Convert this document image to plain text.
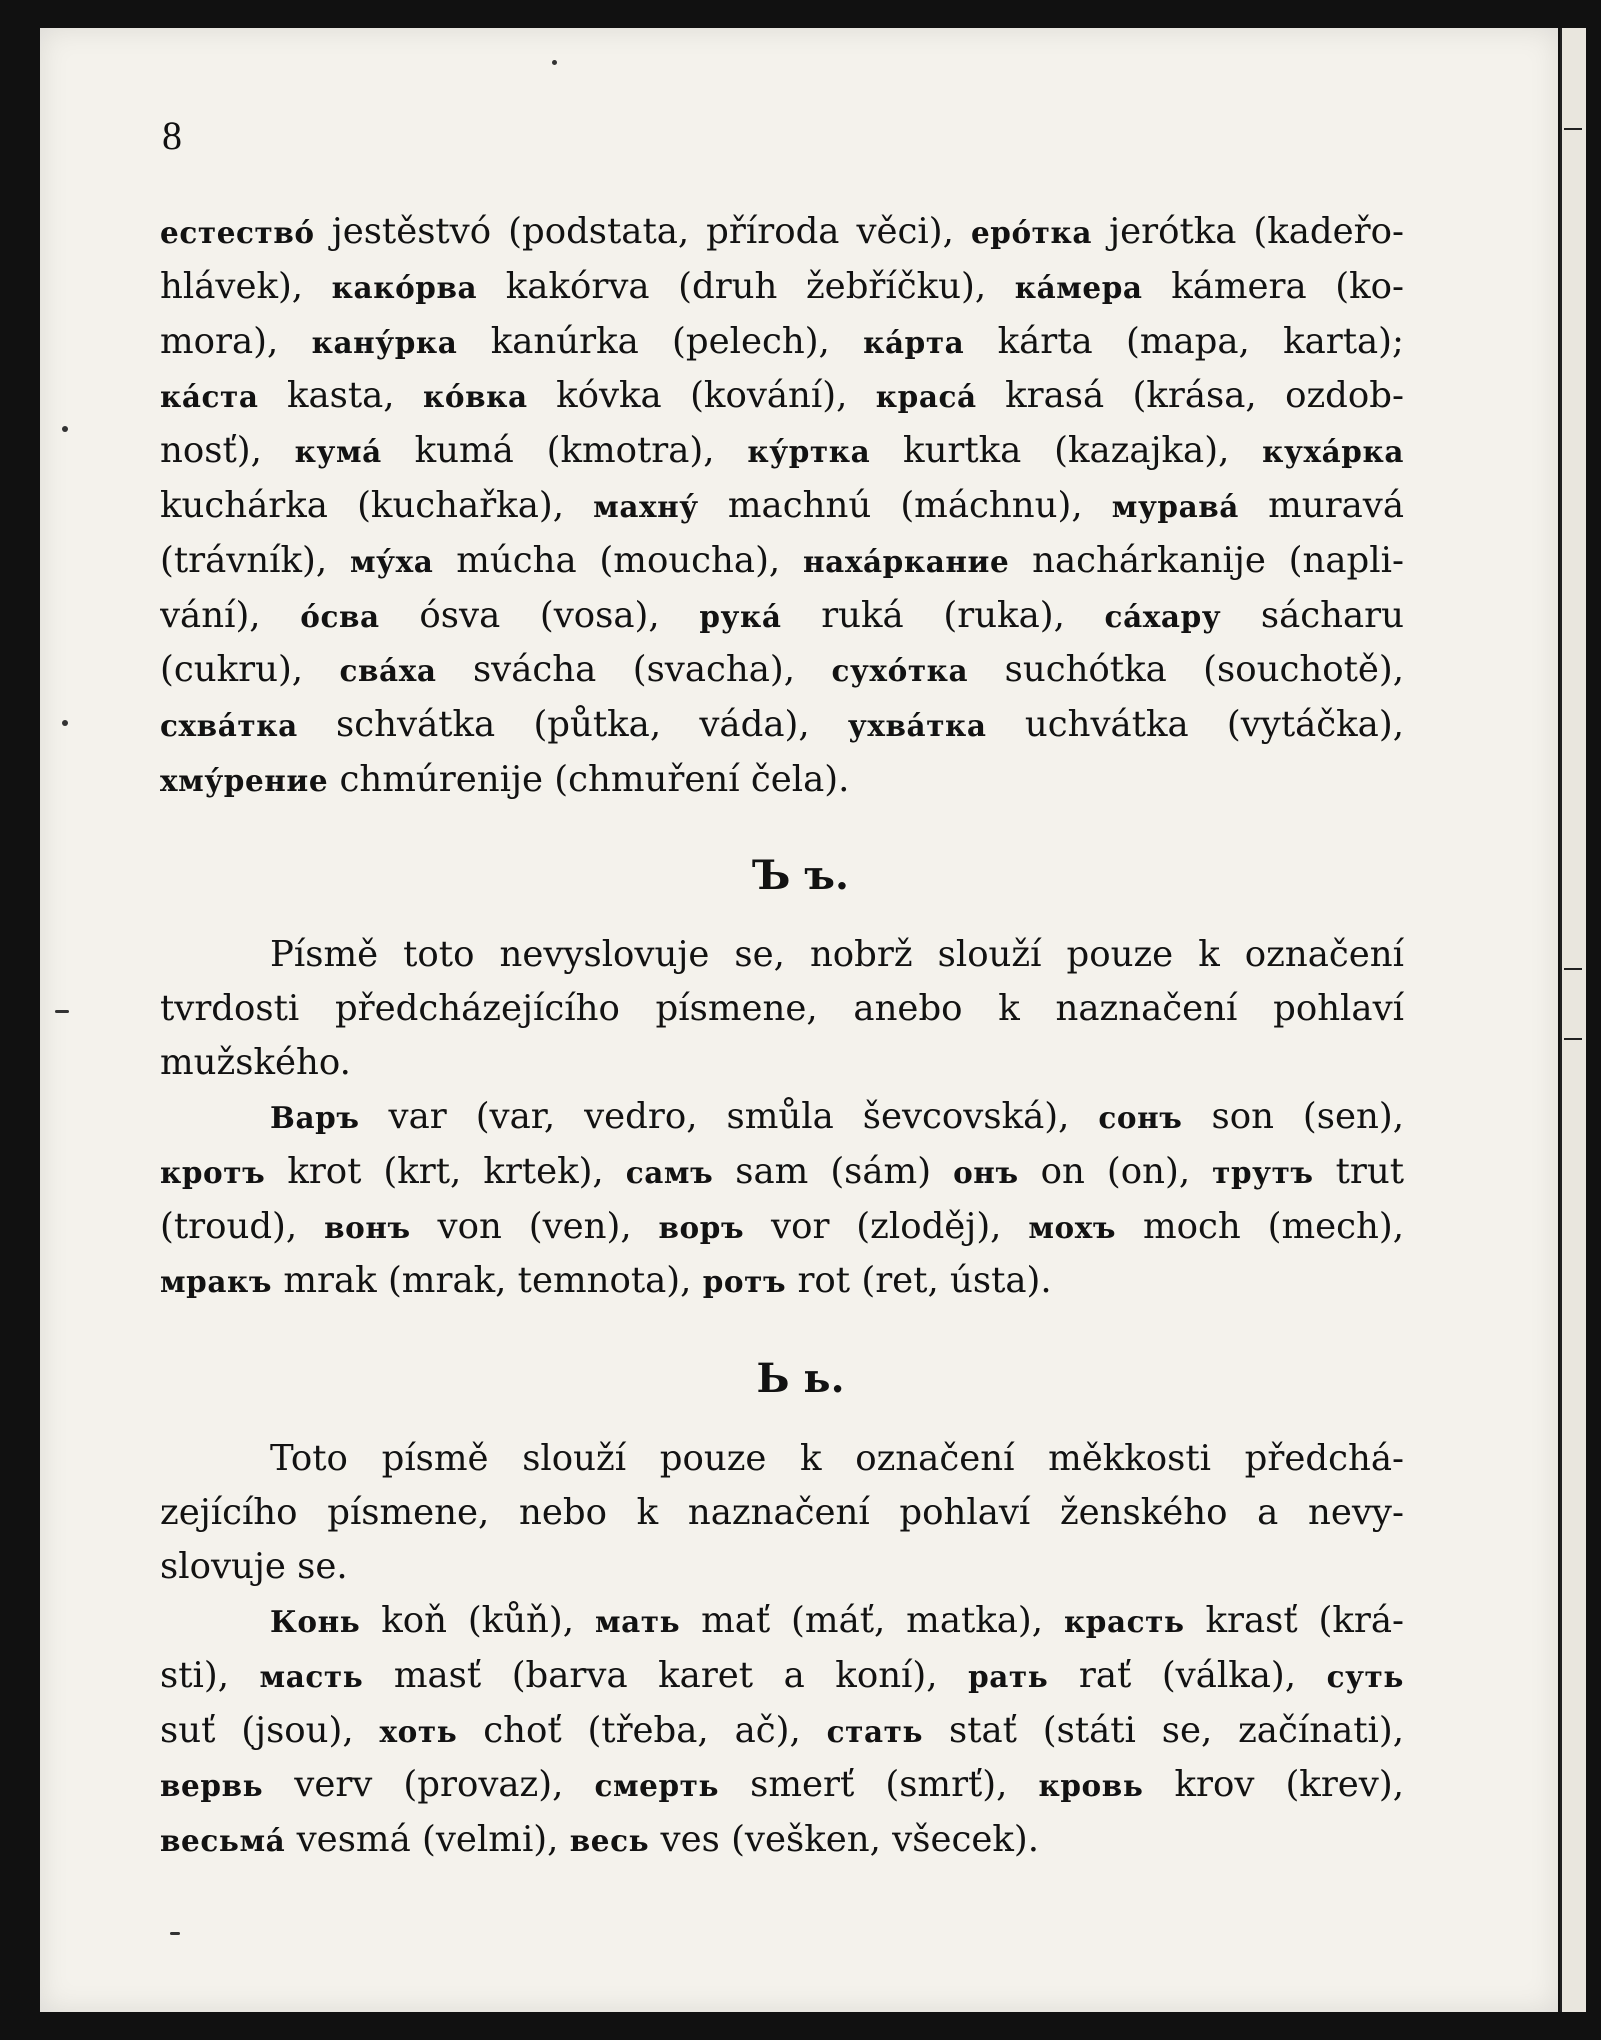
8
естество́ jestěstvó (podstata, příroda věci), еро́тка jerótka (kadeřo-
hlávek), како́рва kakórva (druh žebříčku), ка́мера kámera (ko-
mora), кану́рка kanúrka (pelech), ка́рта kárta (mapa, karta);
ка́ста kasta, ко́вка kóvka (kování), краса́ krasá (krása, ozdob-
nosť), кума́ kumá (kmotra), ку́ртка kurtka (kazajka), куха́рка
kuchárka (kuchařka), махну́ machnú (máchnu), мурава́ muravá
(trávník), му́ха múcha (moucha), наха́ркание nachárkanije (napli-
vání), о́сва ósva (vosa), рука́ ruká (ruka), са́хару sácharu
(cukru), сва́ха svácha (svacha), сухо́тка suchótka (souchotě),
схва́тка schvátka (půtka, váda), ухва́тка uchvátka (vytáčka),
хму́рение chmúrenije (chmuření čela).
Ъ ъ.
Písmě toto nevyslovuje se, nobrž slouží pouze k označení
tvrdosti předcházejícího písmene, anebo k naznačení pohlaví
mužského.
Варъ var (var, vedro, smůla ševcovská), сонъ son (sen),
кротъ krot (krt, krtek), самъ sam (sám) онъ on (on), трутъ trut
(troud), вонъ von (ven), воръ vor (zloděj), мохъ moch (mech),
мракъ mrak (mrak, temnota), ротъ rot (ret, ústa).
Ь ь.
Toto písmě slouží pouze k označení měkkosti předchá-
zejícího písmene, nebo k naznačení pohlaví ženského a nevy-
slovuje se.
Конь koň (kůň), мать mať (máť, matka), красть krasť (krá-
sti), масть masť (barva karet a koní), рать rať (válka), суть
suť (jsou), хоть choť (třeba, ač), стать stať (státi se, začínati),
вервь verv (provaz), смерть smerť (smrť), кровь krov (krev),
весьма́ vesmá (velmi), весь ves (vešken, všecek).
